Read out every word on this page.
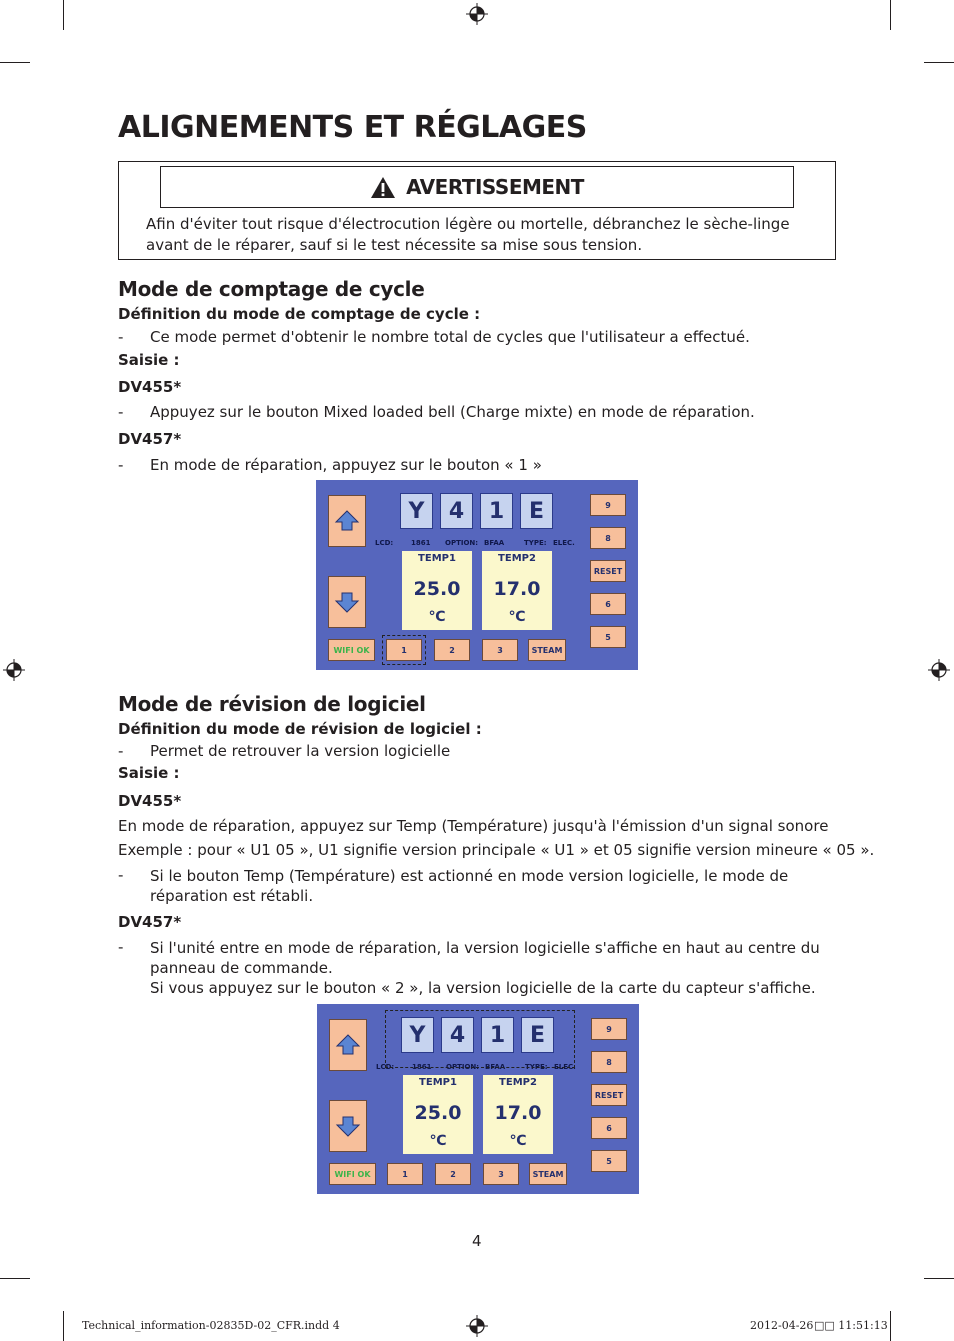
ALIGNEMENTS ET RÉGLAGES
AVERTISSEMENT
Afin d'éviter tout risque d'électrocution légère ou mortelle, débranchez le sèche-linge
avant de le réparer, sauf si le test nécessite sa mise sous tension.
Mode de comptage de cycle
Définition du mode de comptage de cycle :
- Ce mode permet d'obtenir le nombre total de cycles que l'utilisateur a effectué.
Saisie :
DV455*
- Appuyez sur le bouton Mixed loaded bell (Charge mixte) en mode de réparation.
DV457*
- En mode de réparation, appuyez sur le bouton « 1 »
Y	4	1	E
LCD:	1861 OPTION: BFAA	TYPE: ELEC.
TEMP1
25.0
℃
TEMP2
17.0
℃
9
8
RESET
6
5
WIFI OK	1	2	3	STEAM
Mode de révision de logiciel
Définition du mode de révision de logiciel :
- Permet de retrouver la version logicielle
Saisie :
DV455*
En mode de réparation, appuyez sur Temp (Température) jusqu'à l'émission d'un signal sonore
Exemple : pour « U1 05 », U1 signifie version principale « U1 » et 05 signifie version mineure « 05 ».
- Si le bouton Temp (Température) est actionné en mode version logicielle, le mode de
réparation est rétabli.
DV457*
- Si l'unité entre en mode de réparation, la version logicielle s'affiche en haut au centre du
panneau de commande.
Si vous appuyez sur le bouton « 2 », la version logicielle de la carte du capteur s'affiche.
Y	4	1	E
LCD:	1861 OPTION: BFAA	TYPE: ELEC.
TEMP1
25.0
℃
TEMP2
17.0
℃
9
8
RESET
6
5
WIFI OK	1	2	3	STEAM
4
Technical_information-02835D-02_CFR.indd 4	2012-04-26 □□ 11:51:13
